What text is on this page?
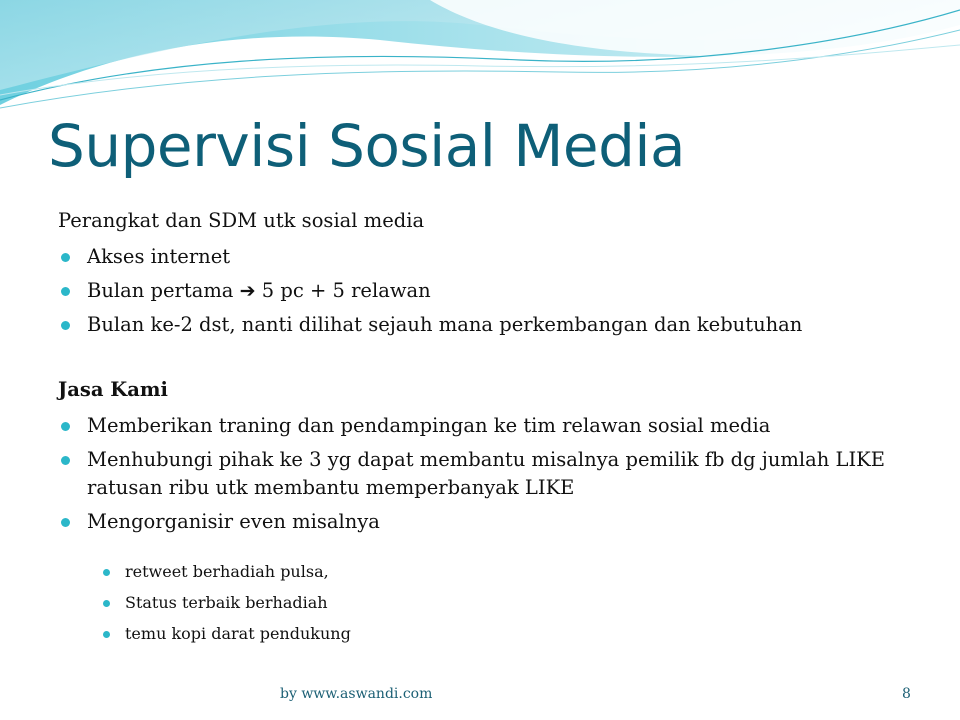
Supervisi Sosial Media

Perangkat dan SDM utk sosial media

Akses internet
Bulan pertama ➔ 5 pc + 5 relawan
Bulan ke-2 dst, nanti dilihat sejauh mana perkembangan dan kebutuhan

Jasa Kami

Memberikan traning dan pendampingan ke tim relawan sosial media
Menhubungi pihak ke 3 yg dapat membantu misalnya pemilik fb dg jumlah LIKE ratusan ribu utk membantu memperbanyak LIKE
Mengorganisir even misalnya
retweet berhadiah pulsa,
Status terbaik berhadiah
temu kopi darat pendukung
by www.aswandi.com	8
